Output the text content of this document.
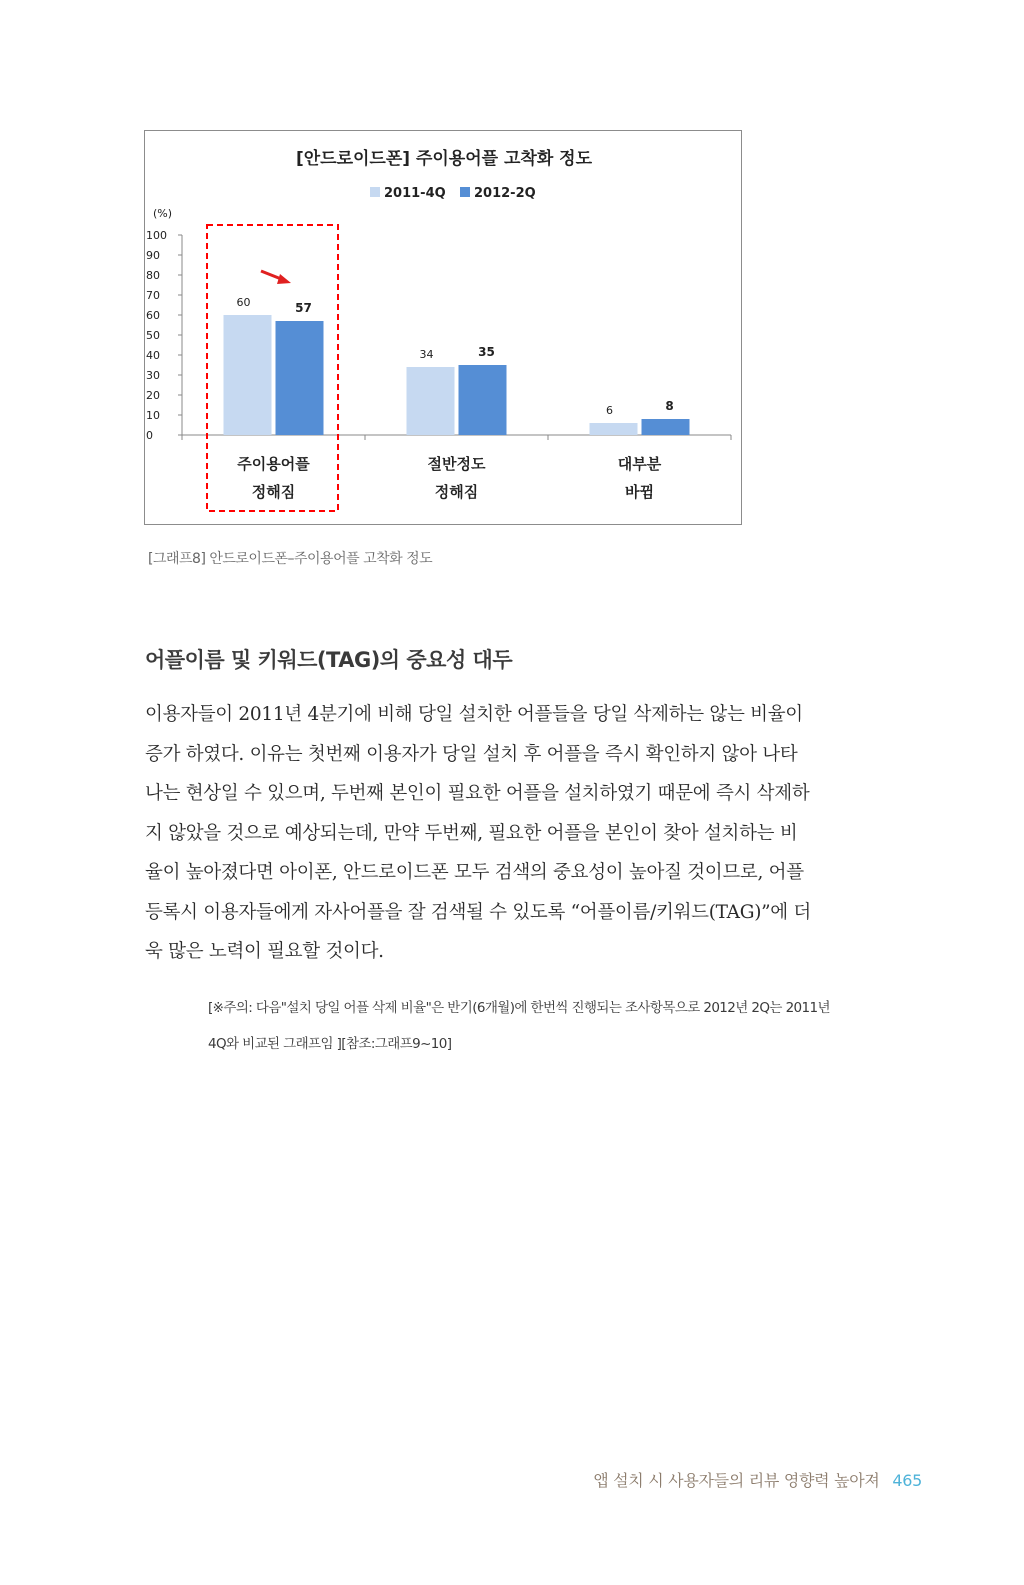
[안드로이드폰] 주이용어플 고착화 정도
2011-4Q 2012-2Q
(%)
0
10
20
30
40
50
60
70
80
90
100
60	57
주이용어플
정해짐
34	35
절반정도
정해짐
6	8
대부분
바뀜
[그래프8] 안드로이드폰–주이용어플 고착화 정도
어플이름 및 키워드(TAG)의 중요성 대두
이용자들이 2011년 4분기에 비해 당일 설치한 어플들을 당일 삭제하는 않는 비율이
증가 하였다. 이유는 첫번째 이용자가 당일 설치 후 어플을 즉시 확인하지 않아 나타
나는 현상일 수 있으며, 두번째 본인이 필요한 어플을 설치하였기 때문에 즉시 삭제하
지 않았을 것으로 예상되는데, 만약 두번째, 필요한 어플을 본인이 찾아 설치하는 비
율이 높아졌다면 아이폰, 안드로이드폰 모두 검색의 중요성이 높아질 것이므로, 어플
등록시 이용자들에게 자사어플을 잘 검색될 수 있도록 “어플이름/키워드(TAG)”에 더
욱 많은 노력이 필요할 것이다.
[※주의: 다음"설치 당일 어플 삭제 비율"은 반기(6개월)에 한번씩 진행되는 조사항목으로 2012년 2Q는 2011년
4Q와 비교된 그래프임 ][참조:그래프9~10]
앱 설치 시 사용자들의 리뷰 영향력 높아져 465
